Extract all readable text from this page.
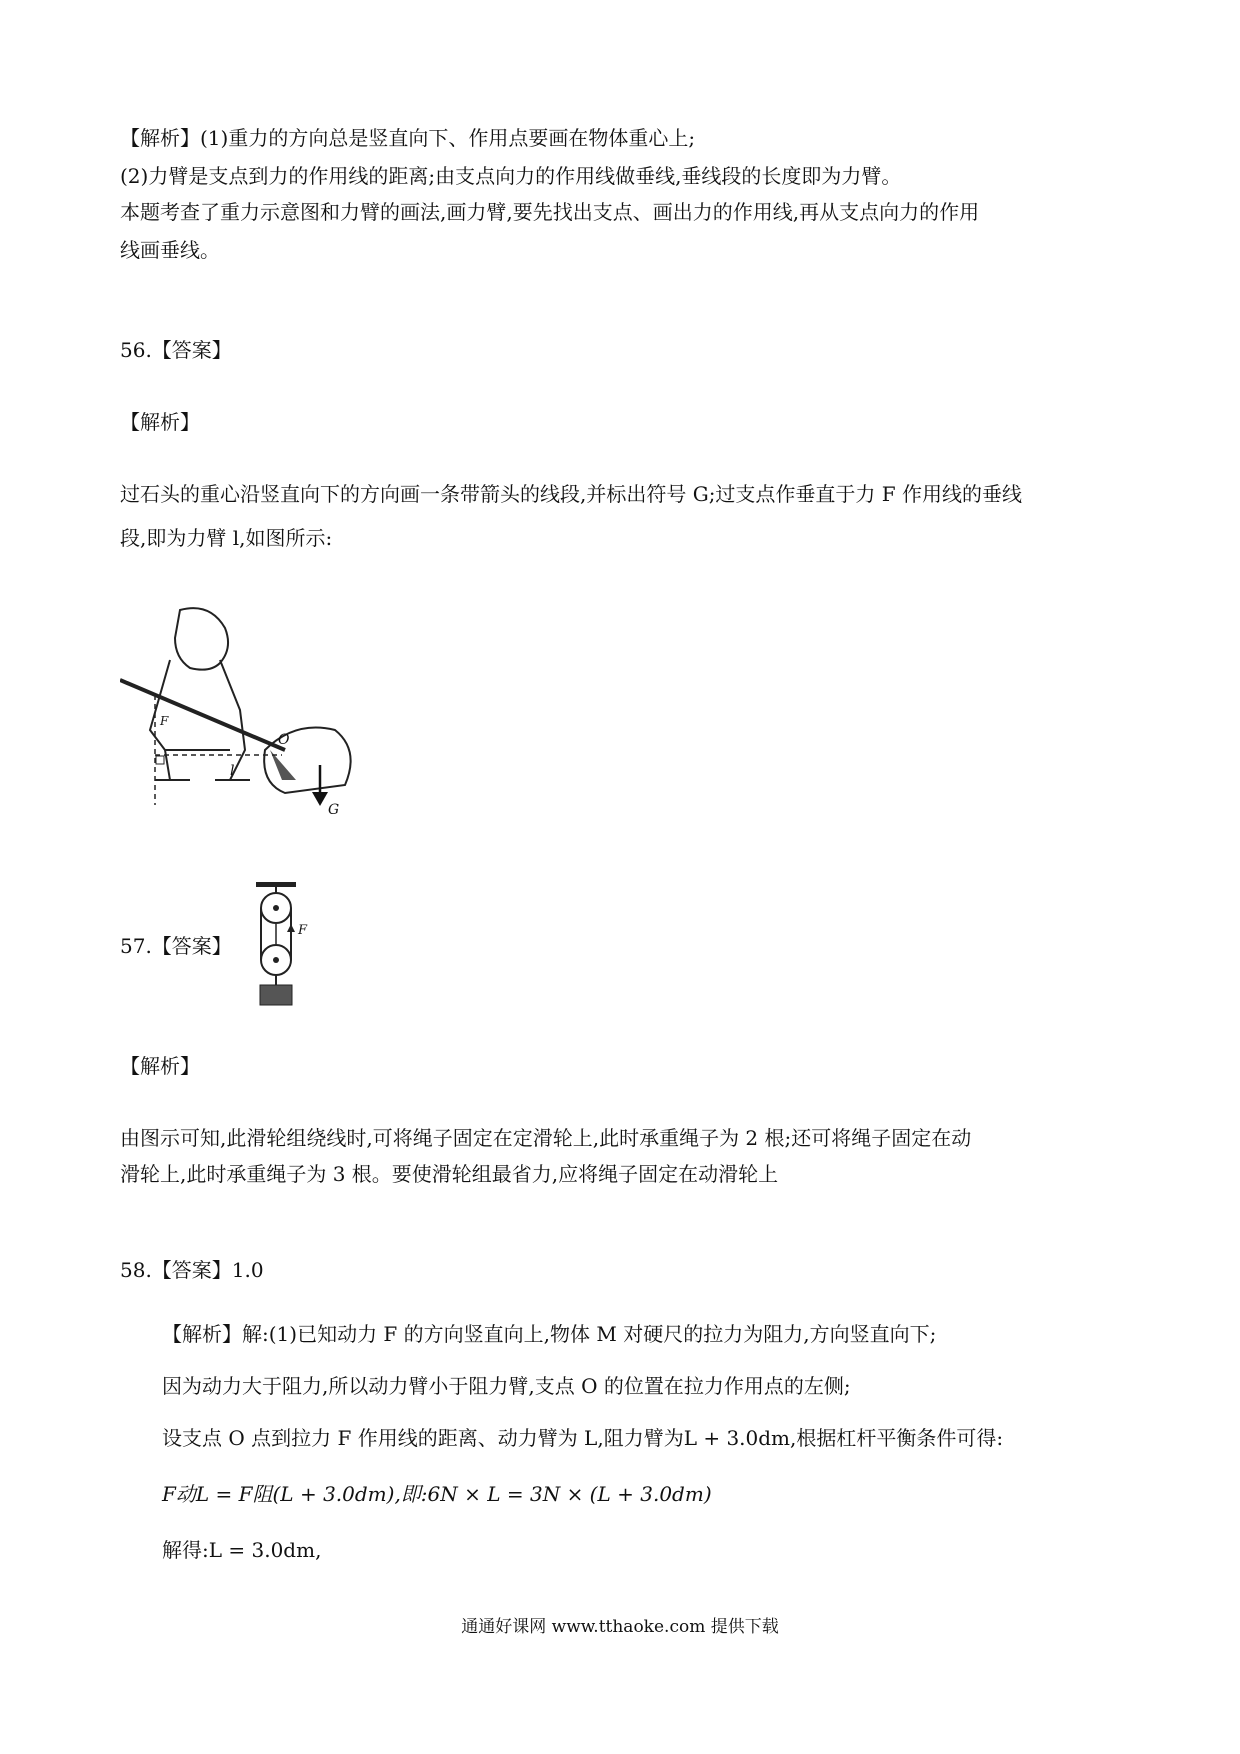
【解析】(1)重力的方向总是竖直向下、作用点要画在物体重心上;
(2)力臂是支点到力的作用线的距离;由支点向力的作用线做垂线,垂线段的长度即为力臂。
本题考查了重力示意图和力臂的画法,画力臂,要先找出支点、画出力的作用线,再从支点向力的作用
线画垂线。
56.【答案】
【解析】
过石头的重心沿竖直向下的方向画一条带箭头的线段,并标出符号 G;过支点作垂直于力 F 作用线的垂线
段,即为力臂 l,如图所示:
O
F
l
G
57.【答案】
F
【解析】
由图示可知,此滑轮组绕线时,可将绳子固定在定滑轮上,此时承重绳子为 2 根;还可将绳子固定在动
滑轮上,此时承重绳子为 3 根。要使滑轮组最省力,应将绳子固定在动滑轮上
58.【答案】1.0
【解析】解:(1)已知动力 F 的方向竖直向上,物体 M 对硬尺的拉力为阻力,方向竖直向下;
因为动力大于阻力,所以动力臂小于阻力臂,支点 O 的位置在拉力作用点的左侧;
设支点 O 点到拉力 F 作用线的距离、动力臂为 L,阻力臂为L + 3.0dm,根据杠杆平衡条件可得:
F动L = F阻(L + 3.0dm),即:6N × L = 3N × (L + 3.0dm)
解得:L = 3.0dm,
通通好课网 www.tthaoke.com 提供下载
